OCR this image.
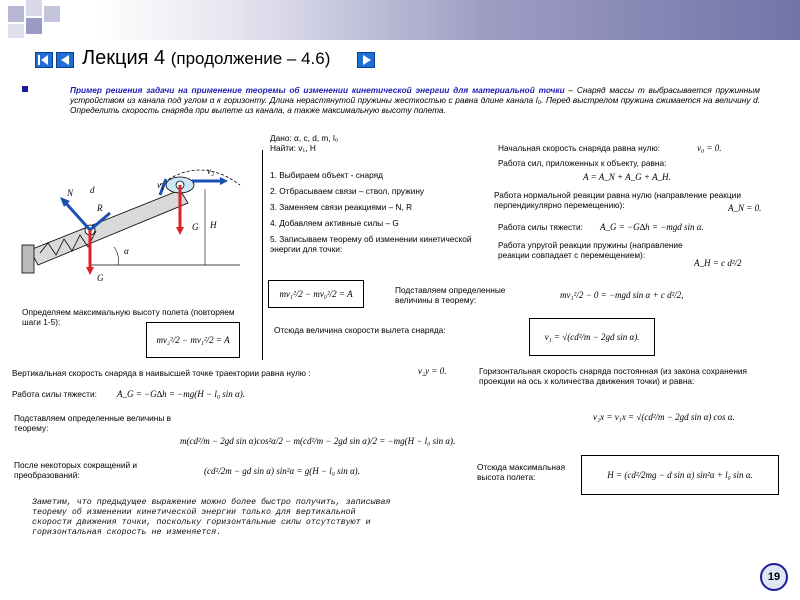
Лекция 4 (продолжение – 4.6)
Пример решения задачи на применение теоремы об изменении кинетической энергии для материальной точки – Снаряд массы m выбрасывается пружинным устройством из канала под углом α к горизонту. Длина нерастянутой пружины жесткостью c равна длине канала l₀. Перед выстрелом пружина сжимается на величину d. Определить скорость снаряда при вылете из канала, а также максимальную высоту полета.
Дано: α, c, d, m, l₀
Найти: v₁, H
v₂
v₁
N
R
G
G
H
d
α
1. Выбираем объект - снаряд
2. Отбрасываем связи – ствол, пружину
3. Заменяем связи реакциями – N, R
4. Добавляем активные силы – G
5. Записываем теорему об изменении кинетической энергии для точки:
mv₁²/2 − mv₀²/2 = A
Определяем максимальную высоту полета (повторяем шаги 1-5):
mv₂²/2 − mv₁²/2 = A
Начальная скорость снаряда равна нулю:	v₀ = 0.
Работа сил, приложенных к объекту, равна:
A = A_N + A_G + A_H.
Работа нормальной реакции равна нулю (направление реакции перпендикулярно перемещению):	A_N = 0.
Работа силы тяжести: A_G = −G∆h = −mgd sin α.
Работа упругой реакции пружины (направление реакции совпадает с перемещением):
A_H = c d²/2
Подставляем определенные величины в теорему:	mv₁²/2 − 0 = −mgd sin α + c d²/2,
Отсюда величина скорости вылета снаряда:
v₁ = √(cd²/m − 2gd sin α).
Вертикальная скорость снаряда в наивысшей точке траектории равна нулю :	v₂y = 0.
Работа силы тяжести: A_G = −G∆h = −mg(H − l₀ sin α).
Горизонтальная скорость снаряда постоянная (из закона сохранения проекции на ось x количества движения точки) и равна:
v₂x = v₁x = √(cd²/m − 2gd sin α) cos α.
Подставляем определенные величины в теорему:
m(cd²/m − 2gd sin α)cos²α/2 − m(cd²/m − 2gd sin α)/2 = −mg(H − l₀ sin α).
После некоторых сокращений и преобразований:	(cd²/2m − gd sin α) sin²α = g(H − l₀ sin α).	Отсюда максимальная высота полета:	H = (cd²/2mg − d sin α) sin²α + l₀ sin α.
Заметим, что предыдущее выражение можно более быстро получить, записывая теорему об изменении кинетической энергии только для вертикальной скорости движения точки, поскольку горизонтальные силы отсутствуют и горизонтальная скорость не изменяется.
19
